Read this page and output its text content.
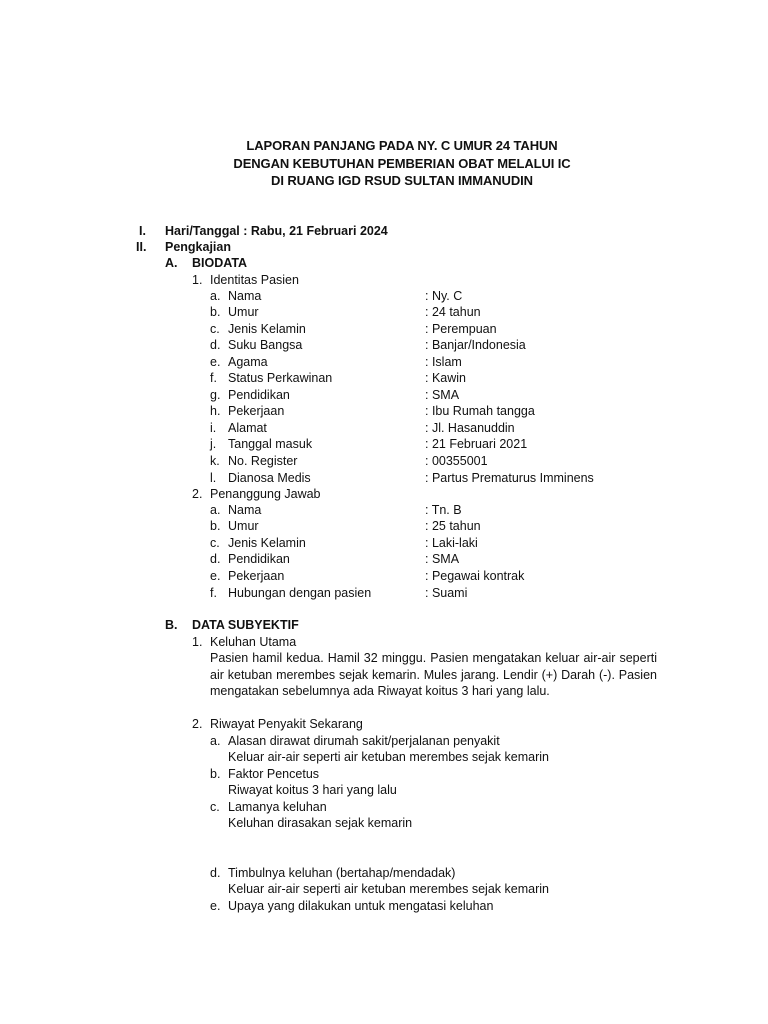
LAPORAN PANJANG PADA NY. C UMUR 24 TAHUN
DENGAN KEBUTUHAN PEMBERIAN OBAT MELALUI IC
DI RUANG IGD RSUD SULTAN IMMANUDIN
I. Hari/Tanggal : Rabu, 21 Februari 2024
II. Pengkajian
A. BIODATA
1. Identitas Pasien
a. Nama	: Ny. C
b. Umur	: 24 tahun
c. Jenis Kelamin	: Perempuan
d. Suku Bangsa	: Banjar/Indonesia
e. Agama	: Islam
f. Status Perkawinan	: Kawin
g. Pendidikan	: SMA
h. Pekerjaan	: Ibu Rumah tangga
i. Alamat	: Jl. Hasanuddin
j. Tanggal masuk	: 21 Februari 2021
k. No. Register	: 00355001
l. Dianosa Medis	: Partus Prematurus Imminens
2. Penanggung Jawab
a. Nama	: Tn. B
b. Umur	: 25 tahun
c. Jenis Kelamin	: Laki-laki
d. Pendidikan	: SMA
e. Pekerjaan	: Pegawai kontrak
f. Hubungan dengan pasien	: Suami
B. DATA SUBYEKTIF
1. Keluhan Utama
Pasien hamil kedua. Hamil 32 minggu. Pasien mengatakan keluar air-air seperti air ketuban merembes sejak kemarin. Mules jarang. Lendir (+) Darah (-). Pasien mengatakan sebelumnya ada Riwayat koitus 3 hari yang lalu.
2. Riwayat Penyakit Sekarang
a. Alasan dirawat dirumah sakit/perjalanan penyakit
Keluar air-air seperti air ketuban merembes sejak kemarin
b. Faktor Pencetus
Riwayat koitus 3 hari yang lalu
c. Lamanya keluhan
Keluhan dirasakan sejak kemarin
d. Timbulnya keluhan (bertahap/mendadak)
Keluar air-air seperti air ketuban merembes sejak kemarin
e. Upaya yang dilakukan untuk mengatasi keluhan
